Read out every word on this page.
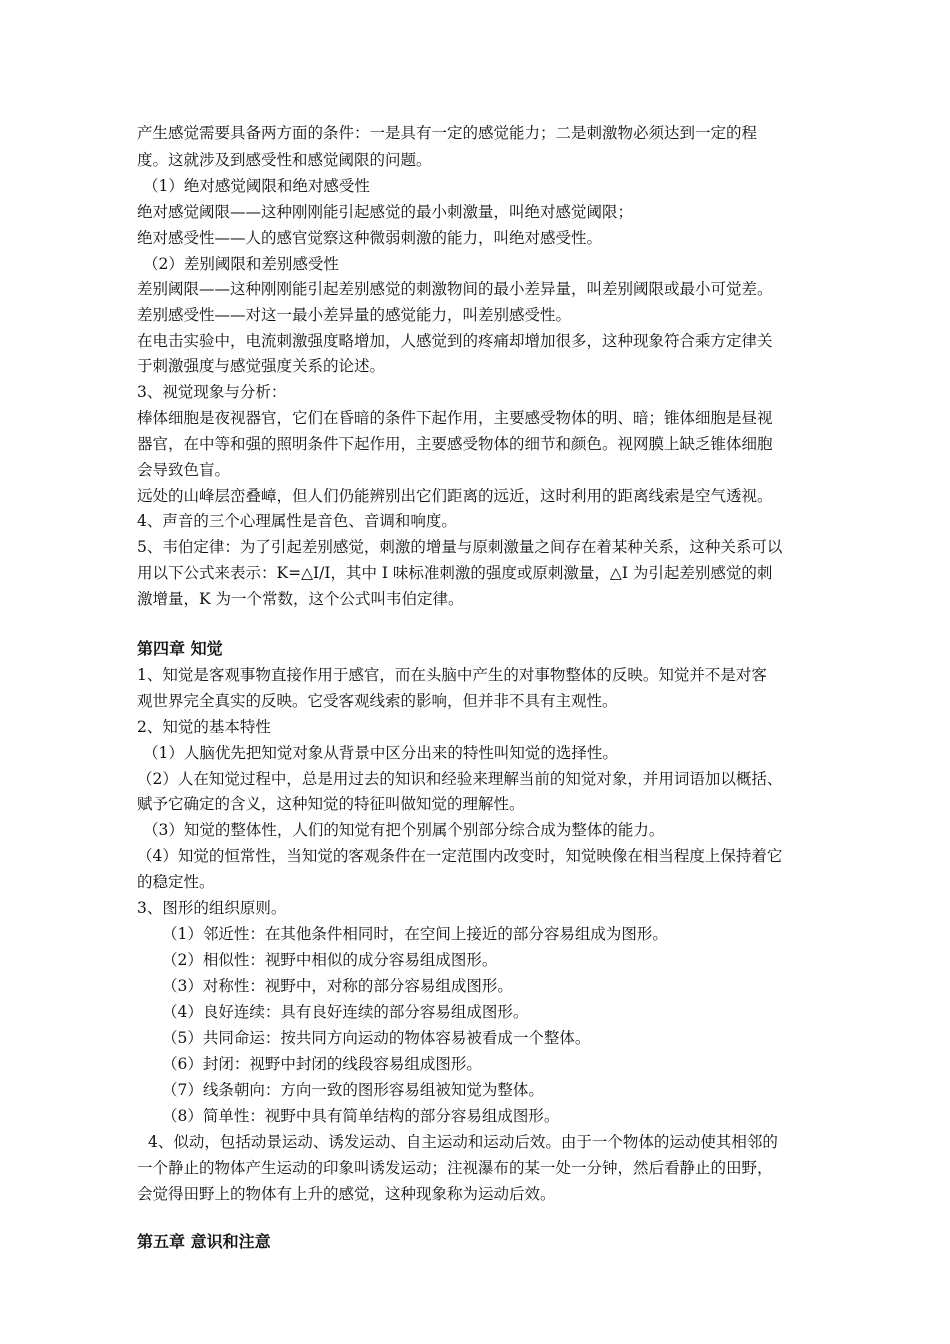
产生感觉需要具备两方面的条件：一是具有一定的感觉能力；二是刺激物必须达到一定的程
度。这就涉及到感受性和感觉阈限的问题。
（1）绝对感觉阈限和绝对感受性
绝对感觉阈限——这种刚刚能引起感觉的最小刺激量，叫绝对感觉阈限；
绝对感受性——人的感官觉察这种微弱刺激的能力，叫绝对感受性。
（2）差别阈限和差别感受性
差别阈限——这种刚刚能引起差别感觉的刺激物间的最小差异量，叫差别阈限或最小可觉差。
差别感受性——对这一最小差异量的感觉能力，叫差别感受性。
在电击实验中，电流刺激强度略增加，人感觉到的疼痛却增加很多，这种现象符合乘方定律关
于刺激强度与感觉强度关系的论述。
3、视觉现象与分析：
棒体细胞是夜视器官，它们在昏暗的条件下起作用，主要感受物体的明、暗；锥体细胞是昼视
器官，在中等和强的照明条件下起作用，主要感受物体的细节和颜色。视网膜上缺乏锥体细胞
会导致色盲。
远处的山峰层峦叠嶂，但人们仍能辨别出它们距离的远近，这时利用的距离线索是空气透视。
4、声音的三个心理属性是音色、音调和响度。
5、韦伯定律：为了引起差别感觉，刺激的增量与原刺激量之间存在着某种关系，这种关系可以
用以下公式来表示：K=△I/I，其中 I 味标准刺激的强度或原刺激量，△I 为引起差别感觉的刺
激增量，K 为一个常数，这个公式叫韦伯定律。
第四章 知觉
1、知觉是客观事物直接作用于感官，而在头脑中产生的对事物整体的反映。知觉并不是对客
观世界完全真实的反映。它受客观线索的影响，但并非不具有主观性。
2、知觉的基本特性
（1）人脑优先把知觉对象从背景中区分出来的特性叫知觉的选择性。
（2）人在知觉过程中，总是用过去的知识和经验来理解当前的知觉对象，并用词语加以概括、
赋予它确定的含义，这种知觉的特征叫做知觉的理解性。
（3）知觉的整体性，人们的知觉有把个别属个别部分综合成为整体的能力。
（4）知觉的恒常性，当知觉的客观条件在一定范围内改变时，知觉映像在相当程度上保持着它
的稳定性。
3、图形的组织原则。
（1）邻近性：在其他条件相同时，在空间上接近的部分容易组成为图形。
（2）相似性：视野中相似的成分容易组成图形。
（3）对称性：视野中，对称的部分容易组成图形。
（4）良好连续：具有良好连续的部分容易组成图形。
（5）共同命运：按共同方向运动的物体容易被看成一个整体。
（6）封闭：视野中封闭的线段容易组成图形。
（7）线条朝向：方向一致的图形容易组被知觉为整体。
（8）简单性：视野中具有简单结构的部分容易组成图形。
4、似动，包括动景运动、诱发运动、自主运动和运动后效。由于一个物体的运动使其相邻的
一个静止的物体产生运动的印象叫诱发运动；注视瀑布的某一处一分钟，然后看静止的田野，
会觉得田野上的物体有上升的感觉，这种现象称为运动后效。
第五章 意识和注意
